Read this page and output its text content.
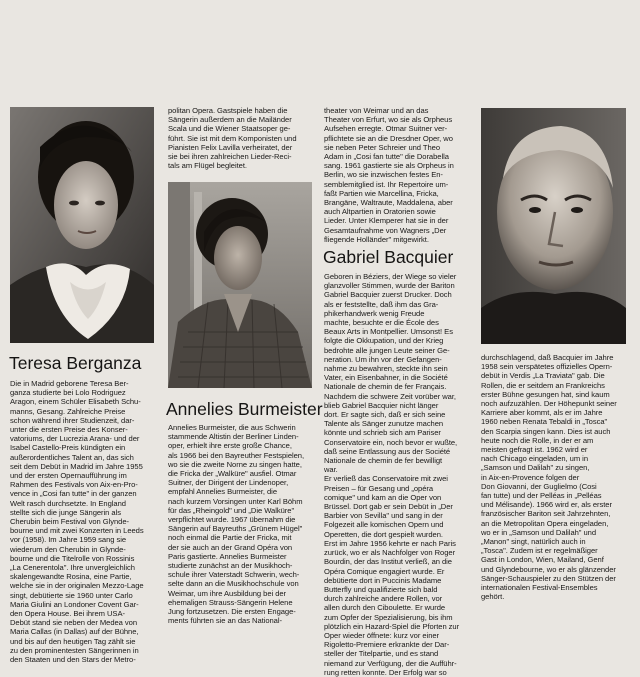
Teresa Berganza

Die in Madrid geborene Teresa Ber-
ganza studierte bei Lolo Rodriguez
Aragon, einem Schüler Elisabeth Schu-
manns, Gesang. Zahlreiche Preise
schon während ihrer Studienzeit, dar-
unter die ersten Preise des Konser-
vatoriums, der Lucrezia Arana- und der
Isabel Castello-Preis kündigten ein
außerordentliches Talent an, das sich
seit dem Debüt in Madrid im Jahre 1955
und der ersten Opernaufführung im
Rahmen des Festivals von Aix-en-Pro-
vence in „Cosi fan tutte" in der ganzen
Welt rasch durchsetzte. In England
stellte sich die junge Sängerin als
Cherubin beim Festival von Glynde-
bourne und mit zwei Konzerten in Leeds
vor (1958). Im Jahre 1959 sang sie
wiederum den Cherubin in Glynde-
bourne und die Titelrolle von Rossinis
„La Cenerentola". Ihre unvergleichlich
skalengewandte Rosina, eine Partie,
welche sie in der originalen Mezzo-Lage
singt, debütierte sie 1960 unter Carlo
Maria Giulini an Londoner Covent Gar-
den Opera House. Bei ihrem USA-
Debüt stand sie neben der Medea von
Maria Callas (in Dallas) auf der Bühne,
und bis auf den heutigen Tag zählt sie
zu den prominentesten Sängerinnen in
den Staaten und den Stars der Metro-

politan Opera. Gastspiele haben die
Sängerin außerdem an die Mailänder
Scala und die Wiener Staatsoper ge-
führt. Sie ist mit dem Komponisten und
Pianisten Felix Lavilla verheiratet, der
sie bei ihren zahlreichen Lieder-Reci-
tals am Flügel begleitet.

Annelies Burmeister

Annelies Burmeister, die aus Schwerin
stammende Altistin der Berliner Linden-
oper, erhielt ihre erste große Chance,
als 1966 bei den Bayreuther Festspielen,
wo sie die zweite Norne zu singen hatte,
die Fricka der „Walküre" ausfiel. Otmar
Suitner, der Dirigent der Lindenoper,
empfahl Annelies Burmeister, die
nach kurzem Vorsingen unter Karl Böhm
für das „Rheingold" und „Die Walküre"
verpflichtet wurde. 1967 übernahm die
Sängerin auf Bayreuths „Grünem Hügel"
noch einmal die Partie der Fricka, mit
der sie auch an der Grand Opéra von
Paris gastierte. Annelies Burmeister
studierte zunächst an der Musikhoch-
schule ihrer Vaterstadt Schwerin, wech-
selte dann an die Musikhochschule von
Weimar, um ihre Ausbildung bei der
ehemaligen Strauss-Sängerin Helene
Jung fortzusetzen. Die ersten Engage-
ments führten sie an das National-

theater von Weimar und an das
Theater von Erfurt, wo sie als Orpheus
Aufsehen erregte. Otmar Suitner ver-
pflichtete sie an die Dresdner Oper, wo
sie neben Peter Schreier und Theo
Adam in „Cosi fan tutte" die Dorabella
sang. 1961 gastierte sie als Orpheus in
Berlin, wo sie inzwischen festes En-
semblemitglied ist. Ihr Repertoire um-
faßt Partien wie Marcellina, Fricka,
Brangäne, Waltraute, Maddalena, aber
auch Altpartien in Oratorien sowie
Lieder. Unter Klemperer hat sie in der
Gesamtaufnahme von Wagners „Der
fliegende Holländer" mitgewirkt.

Gabriel Bacquier

Geboren in Béziers, der Wiege so vieler
glanzvoller Stimmen, wurde der Bariton
Gabriel Bacquier zuerst Drucker. Doch
als er feststellte, daß ihm das Gra-
phikerhandwerk wenig Freude
machte, besuchte er die École des
Beaux Arts in Montpellier. Umsonst! Es
folgte die Okkupation, und der Krieg
bedrohte alle jungen Leute seiner Ge-
neration. Um ihn vor der Gefangen-
nahme zu bewahren, steckte ihn sein
Vater, ein Eisenbahner, in die Société
Nationale de chemin de fer Français.
Nachdem die schwere Zeit vorüber war,
blieb Gabriel Bacquier nicht länger
dort. Er sagte sich, daß er sich seine
Talente als Sänger zunutze machen
könnte und schrieb sich am Pariser
Conservatoire ein, noch bevor er wußte,
daß seine Entlassung aus der Société
Nationale de chemin de fer bewilligt
war.
Er verließ das Conservatoire mit zwei
Preisen – für Gesang und „opéra
comique" und kam an die Oper von
Brüssel. Dort gab er sein Debüt in „Der
Barbier von Sevilla" und sang in der
Folgezeit alle komischen Opern und
Operetten, die dort gespielt wurden.
Erst im Jahre 1956 kehrte er nach Paris
zurück, wo er als Nachfolger von Roger
Bourdin, der das Institut verließ, an die
Opéra Comique engagiert wurde. Er
debütierte dort in Puccinis Madame
Butterfly und qualifizierte sich bald
durch zahlreiche andere Rollen, vor
allen durch den Ciboulette. Er wurde
zum Opfer der Spezialisierung, bis ihm
plötzlich ein Hazard-Spiel die Pforten zur
Oper wieder öffnete: kurz vor einer
Rigoletto-Premiere erkrankte der Dar-
steller der Titelpartie, und es stand
niemand zur Verfügung, der die Aufführ-
rung retten konnte. Der Erfolg war so

durchschlagend, daß Bacquier im Jahre
1958 sein verspätetes offizielles Opern-
debüt in Verdis „La Traviata" gab. Die
Rollen, die er seitdem an Frankreichs
erster Bühne gesungen hat, sind kaum
noch aufzuzählen. Der Höhepunkt seiner
Karriere aber kommt, als er im Jahre
1960 neben Renata Tebaldi in „Tosca"
den Scarpia singen kann. Dies ist auch
heute noch die Rolle, in der er am
meisten gefragt ist. 1962 wird er
nach Chicago eingeladen, um in
„Samson und Dalilah" zu singen,
in Aix-en-Provence folgen der
Don Giovanni, der Guglielmo (Cosi
fan tutte) und der Pelléas in „Pelléas
und Mélisande). 1966 wird er, als erster
französischer Bariton seit Jahrzehnten,
an die Metropolitan Opera eingeladen,
wo er in „Samson und Dalilah" und
„Manon" singt, natürlich auch in
„Tosca". Zudem ist er regelmäßiger
Gast in London, Wien, Mailand, Genf
und Glyndebourne, wo er als glänzender
Sänger-Schauspieler zu den Stützen der
internationalen Festival-Ensembles
gehört.
